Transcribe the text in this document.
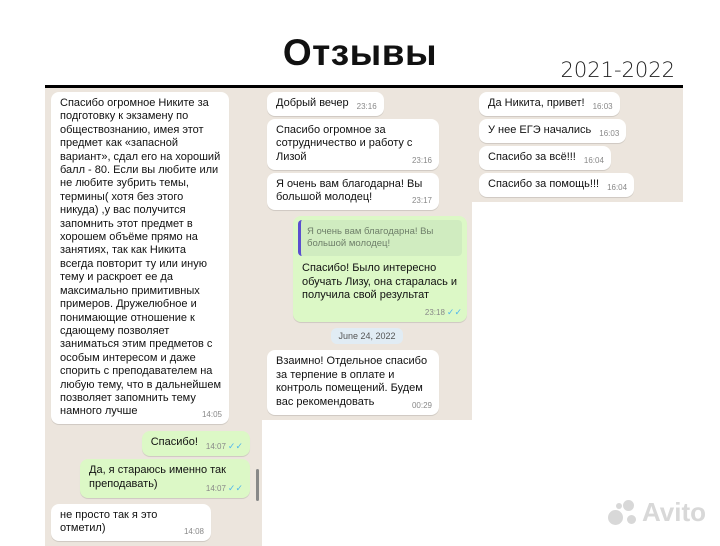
Отзывы	2021-2022
Спасибо огромное Никите за подготовку к экзамену по обществознанию, имея этот предмет как «запасной вариант», сдал его на хороший балл - 80. Если вы любите или не любите зубрить темы, термины( хотя без этого никуда) ,у вас получится запомнить этот предмет в хорошем объёме прямо на занятиях, так как Никита всегда повторит ту или иную тему и раскроет ее да максимально примитивных примеров. Дружелюбное и понимающие отношение к сдающему позволяет заниматься этим предметов с особым интересом и даже спорить с преподавателем на любую тему, что в дальнейшем позволяет запомнить тему намного лучше	14:05
Спасибо! 14:07 ✓✓
Да, я стараюсь именно так преподавать)	14:07 ✓✓
не просто так я это отметил)	14:08
Добрый вечер 23:16
Спасибо огромное за сотрудничество и работу с Лизой	23:16
Я очень вам благодарна! Вы большой молодец!	23:17
Я очень вам благодарна! Вы большой молодец!
Спасибо! Было интересно обучать Лизу, она старалась и получила свой результат
23:18 ✓✓
June 24, 2022
Взаимно! Отдельное спасибо за терпение в оплате и контроль помещений. Будем вас рекомендовать	00:29
Да Никита, привет! 16:03
У нее ЕГЭ начались 16:03
Спасибо за всё!!! 16:04
Спасибо за помощь!!! 16:04
Avito
